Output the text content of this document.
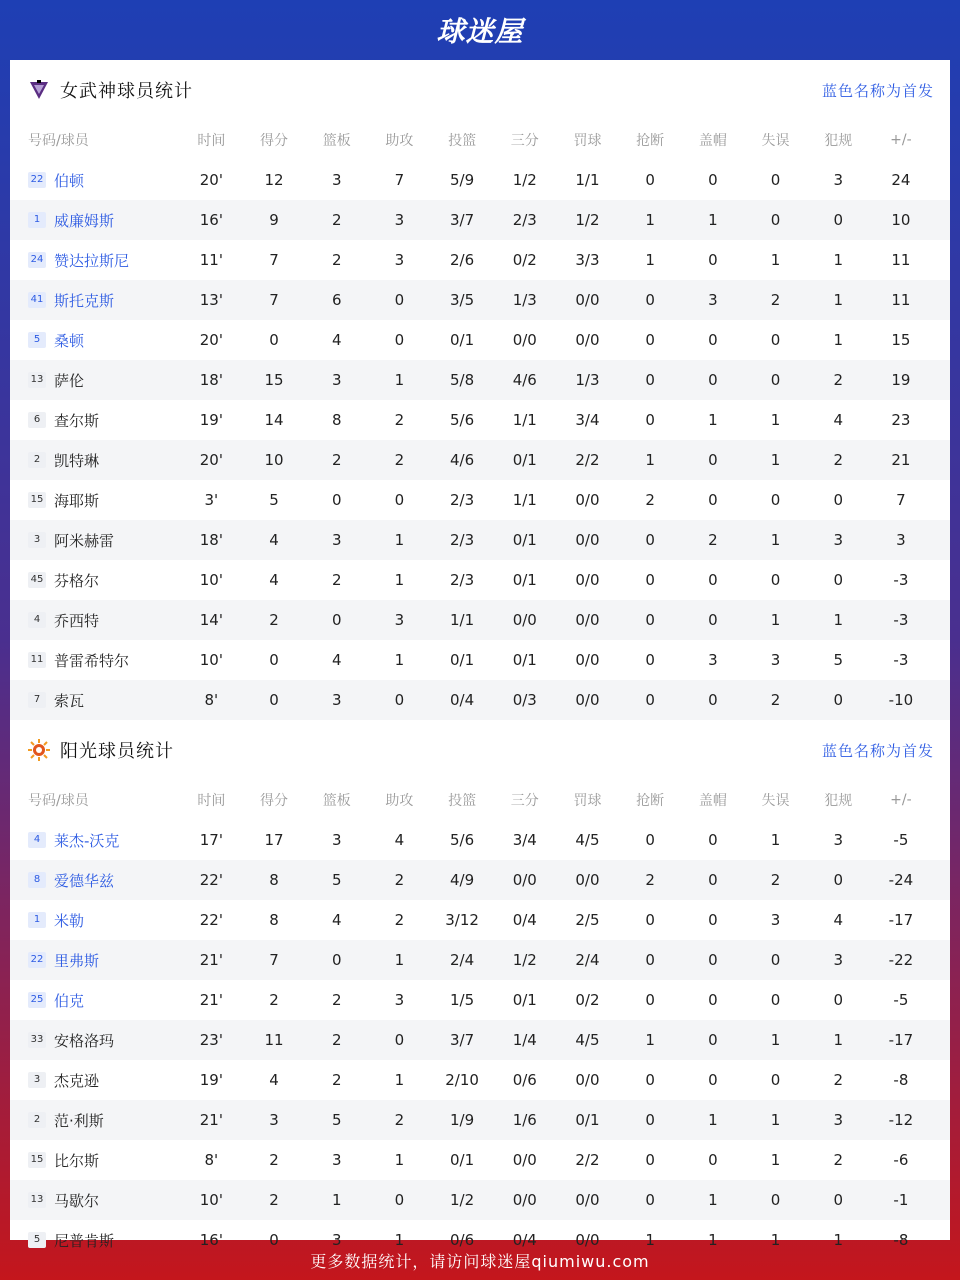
球迷屋
女武神球员统计	蓝色名称为首发
号码/球员	时间	得分	篮板	助攻	投篮	三分	罚球	抢断	盖帽	失误	犯规	+/-
22 伯顿	20'	12	3	7	5/9	1/2	1/1	0	0	0	3	24
1 威廉姆斯	16'	9	2	3	3/7	2/3	1/2	1	1	0	0	10
24 赞达拉斯尼	11'	7	2	3	2/6	0/2	3/3	1	0	1	1	11
41 斯托克斯	13'	7	6	0	3/5	1/3	0/0	0	3	2	1	11
5 桑顿	20'	0	4	0	0/1	0/0	0/0	0	0	0	1	15
13 萨伦	18'	15	3	1	5/8	4/6	1/3	0	0	0	2	19
6 查尔斯	19'	14	8	2	5/6	1/1	3/4	0	1	1	4	23
2 凯特琳	20'	10	2	2	4/6	0/1	2/2	1	0	1	2	21
15 海耶斯	3'	5	0	0	2/3	1/1	0/0	2	0	0	0	7
3 阿米赫雷	18'	4	3	1	2/3	0/1	0/0	0	2	1	3	3
45 芬格尔	10'	4	2	1	2/3	0/1	0/0	0	0	0	0	-3
4 乔西特	14'	2	0	3	1/1	0/0	0/0	0	0	1	1	-3
11 普雷希特尔	10'	0	4	1	0/1	0/1	0/0	0	3	3	5	-3
7 索瓦	8'	0	3	0	0/4	0/3	0/0	0	0	2	0	-10
阳光球员统计	蓝色名称为首发
号码/球员	时间	得分	篮板	助攻	投篮	三分	罚球	抢断	盖帽	失误	犯规	+/-
4 莱杰-沃克	17'	17	3	4	5/6	3/4	4/5	0	0	1	3	-5
8 爱德华兹	22'	8	5	2	4/9	0/0	0/0	2	0	2	0	-24
1 米勒	22'	8	4	2	3/12	0/4	2/5	0	0	3	4	-17
22 里弗斯	21'	7	0	1	2/4	1/2	2/4	0	0	0	3	-22
25 伯克	21'	2	2	3	1/5	0/1	0/2	0	0	0	0	-5
33 安格洛玛	23'	11	2	0	3/7	1/4	4/5	1	0	1	1	-17
3 杰克逊	19'	4	2	1	2/10	0/6	0/0	0	0	0	2	-8
2 范·利斯	21'	3	5	2	1/9	1/6	0/1	0	1	1	3	-12
15 比尔斯	8'	2	3	1	0/1	0/0	2/2	0	0	1	2	-6
13 马歇尔	10'	2	1	0	1/2	0/0	0/0	0	1	0	0	-1
5 尼普肯斯	16'	0	3	1	0/6	0/4	0/0	1	1	1	1	-8
更多数据统计，请访问球迷屋qiumiwu.com
